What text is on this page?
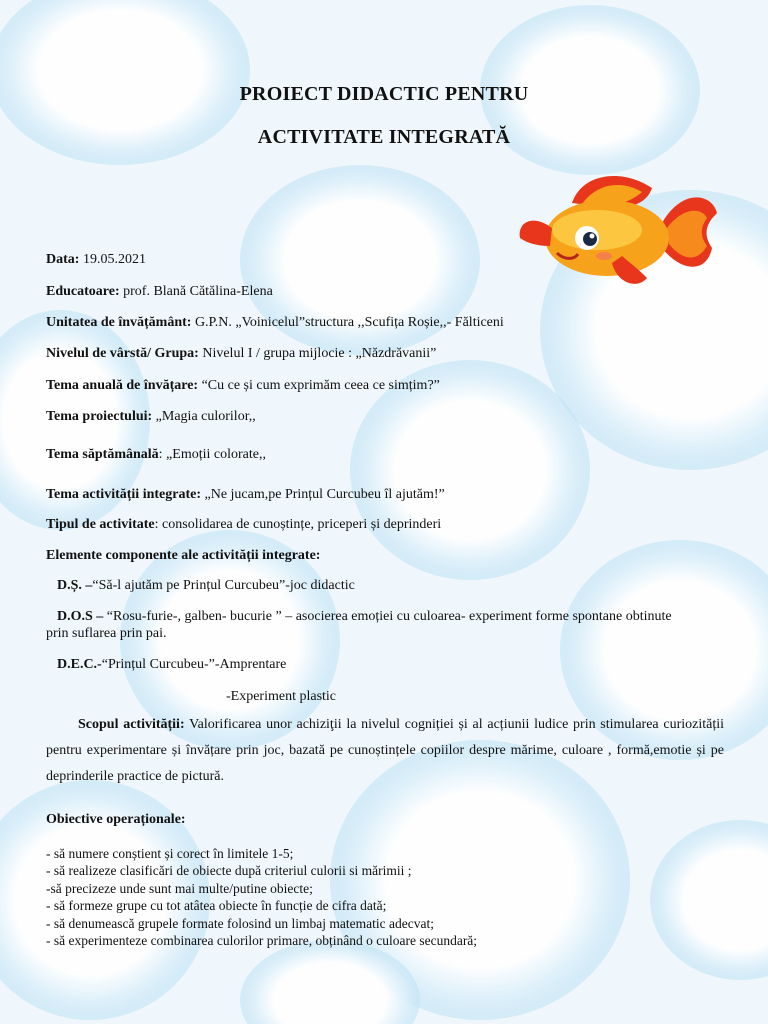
PROIECT DIDACTIC PENTRU
ACTIVITATE INTEGRATĂ
Data: 19.05.2021
Educatoare: prof. Blană Cătălina-Elena
Unitatea de învățământ: G.P.N. „Voinicelul”structura ,,Scufița Roșie,,- Fălticeni
Nivelul de vârstă/ Grupa: Nivelul I / grupa mijlocie : „Năzdrăvanii”
Tema anuală de învățare: “Cu ce și cum exprimăm ceea ce simțim?”
Tema proiectului: „Magia culorilor,,
Tema săptămânală: „Emoții colorate,,
Tema activității integrate: „Ne jucam,pe Prințul Curcubeu îl ajutăm!”
Tipul de activitate: consolidarea de cunoștințe, priceperi și deprinderi
Elemente componente ale activității integrate:
D.Ș. –“Să-l ajutăm pe Prințul Curcubeu”-joc didactic
D.O.S – “Rosu-furie-, galben- bucurie ” – asocierea emoției cu culoarea- experiment forme spontane obtinute
prin suflarea prin pai.
D.E.C.-“Prințul Curcubeu-”-Amprentare
-Experiment plastic
Scopul activității: Valorificarea unor achiziţii la nivelul cogniției și al acțiunii ludice prin stimularea curiozității pentru experimentare și învățare prin joc, bazată pe cunoștințele copiilor despre mărime, culoare , formă,emotie și pe deprinderile practice de pictură.
Obiective operaționale:
- să numere conștient și corect în limitele 1-5;
- să realizeze clasificări de obiecte după criteriul culorii si mărimii ;
-să precizeze unde sunt mai multe/putine obiecte;
- să formeze grupe cu tot atâtea obiecte în funcție de cifra dată;
- să denumească grupele formate folosind un limbaj matematic adecvat;
- să experimenteze combinarea culorilor primare, obținând o culoare secundară;
